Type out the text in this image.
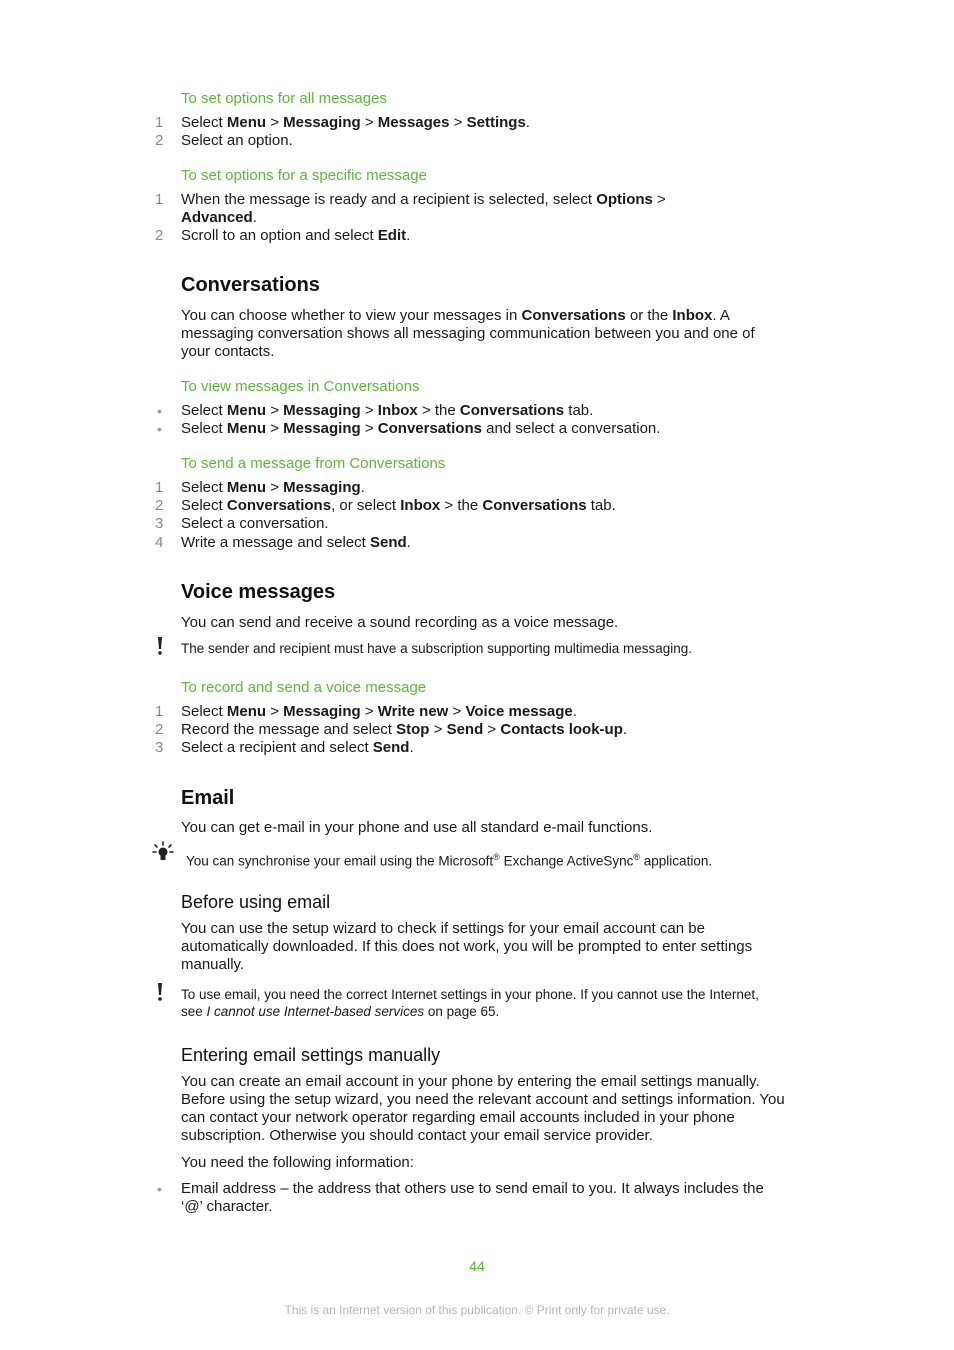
To set options for all messages
1 Select Menu > Messaging > Messages > Settings.
2 Select an option.
To set options for a specific message
1 When the message is ready and a recipient is selected, select Options >
Advanced.
2 Scroll to an option and select Edit.
Conversations
You can choose whether to view your messages in Conversations or the Inbox. A
messaging conversation shows all messaging communication between you and one of
your contacts.
To view messages in Conversations
• Select Menu > Messaging > Inbox > the Conversations tab.
• Select Menu > Messaging > Conversations and select a conversation.
To send a message from Conversations
1 Select Menu > Messaging.
2 Select Conversations, or select Inbox > the Conversations tab.
3 Select a conversation.
4 Write a message and select Send.
Voice messages
You can send and receive a sound recording as a voice message.
The sender and recipient must have a subscription supporting multimedia messaging.
To record and send a voice message
1 Select Menu > Messaging > Write new > Voice message.
2 Record the message and select Stop > Send > Contacts look-up.
3 Select a recipient and select Send.
Email
You can get e-mail in your phone and use all standard e-mail functions.
You can synchronise your email using the Microsoft® Exchange ActiveSync® application.
Before using email
You can use the setup wizard to check if settings for your email account can be
automatically downloaded. If this does not work, you will be prompted to enter settings
manually.
To use email, you need the correct Internet settings in your phone. If you cannot use the Internet,
see I cannot use Internet-based services on page 65.
Entering email settings manually
You can create an email account in your phone by entering the email settings manually.
Before using the setup wizard, you need the relevant account and settings information. You
can contact your network operator regarding email accounts included in your phone
subscription. Otherwise you should contact your email service provider.
You need the following information:
• Email address – the address that others use to send email to you. It always includes the
‘@’ character.
44
This is an Internet version of this publication. © Print only for private use.
